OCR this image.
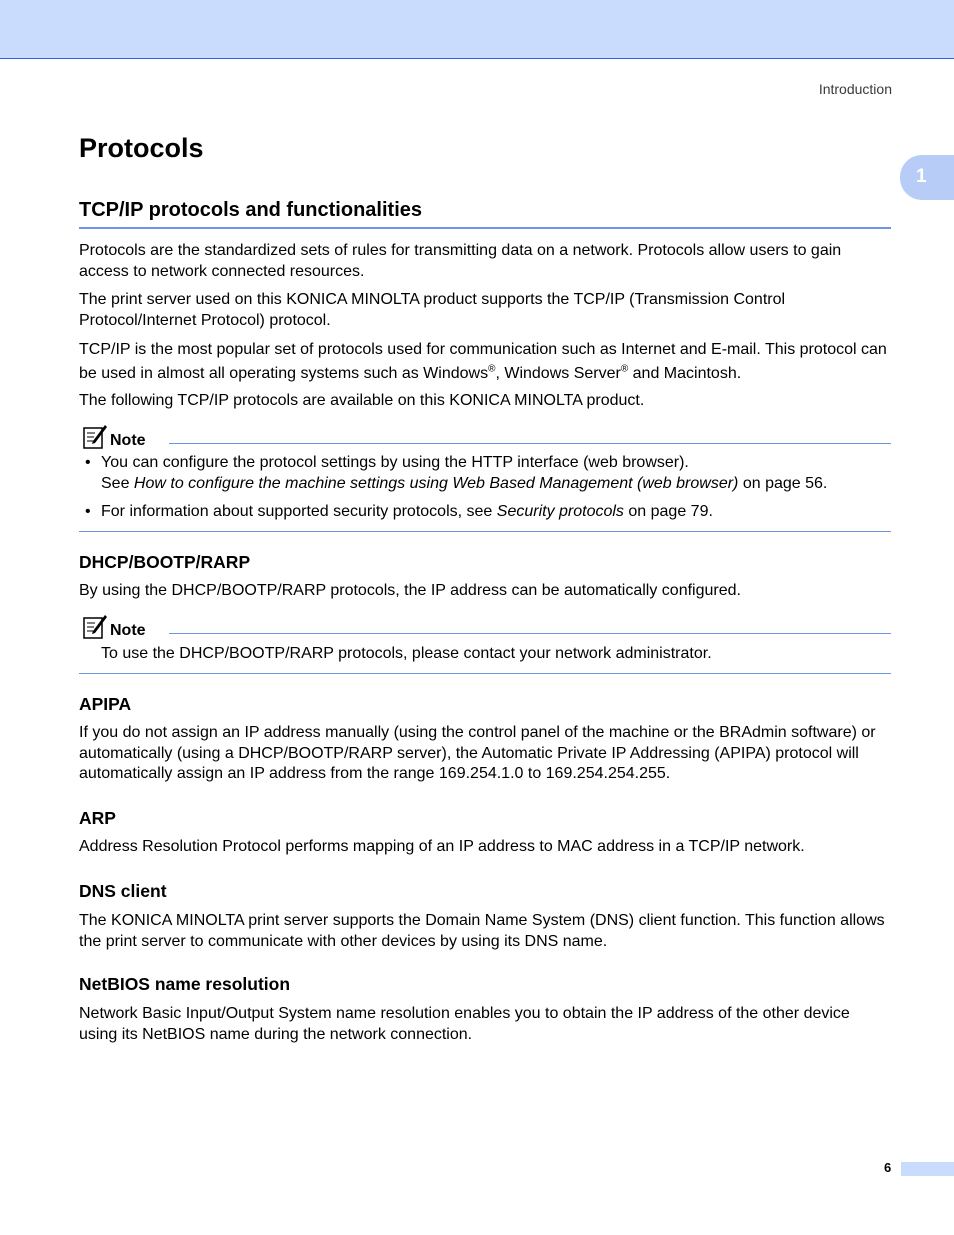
Introduction
1
Protocols
TCP/IP protocols and functionalities

Protocols are the standardized sets of rules for transmitting data on a network. Protocols allow users to gain access to network connected resources.

The print server used on this KONICA MINOLTA product supports the TCP/IP (Transmission Control Protocol/Internet Protocol) protocol.

TCP/IP is the most popular set of protocols used for communication such as Internet and E-mail. This protocol can be used in almost all operating systems such as Windows®, Windows Server® and Macintosh.

The following TCP/IP protocols are available on this KONICA MINOLTA product.

Note
• You can configure the protocol settings by using the HTTP interface (web browser).
See How to configure the machine settings using Web Based Management (web browser) on page 56.
• For information about supported security protocols, see Security protocols on page 79.
DHCP/BOOTP/RARP

By using the DHCP/BOOTP/RARP protocols, the IP address can be automatically configured.

Note
To use the DHCP/BOOTP/RARP protocols, please contact your network administrator.
APIPA

If you do not assign an IP address manually (using the control panel of the machine or the BRAdmin software) or automatically (using a DHCP/BOOTP/RARP server), the Automatic Private IP Addressing (APIPA) protocol will automatically assign an IP address from the range 169.254.1.0 to 169.254.254.255.

ARP

Address Resolution Protocol performs mapping of an IP address to MAC address in a TCP/IP network.

DNS client

The KONICA MINOLTA print server supports the Domain Name System (DNS) client function. This function allows the print server to communicate with other devices by using its DNS name.

NetBIOS name resolution

Network Basic Input/Output System name resolution enables you to obtain the IP address of the other device using its NetBIOS name during the network connection.

6
